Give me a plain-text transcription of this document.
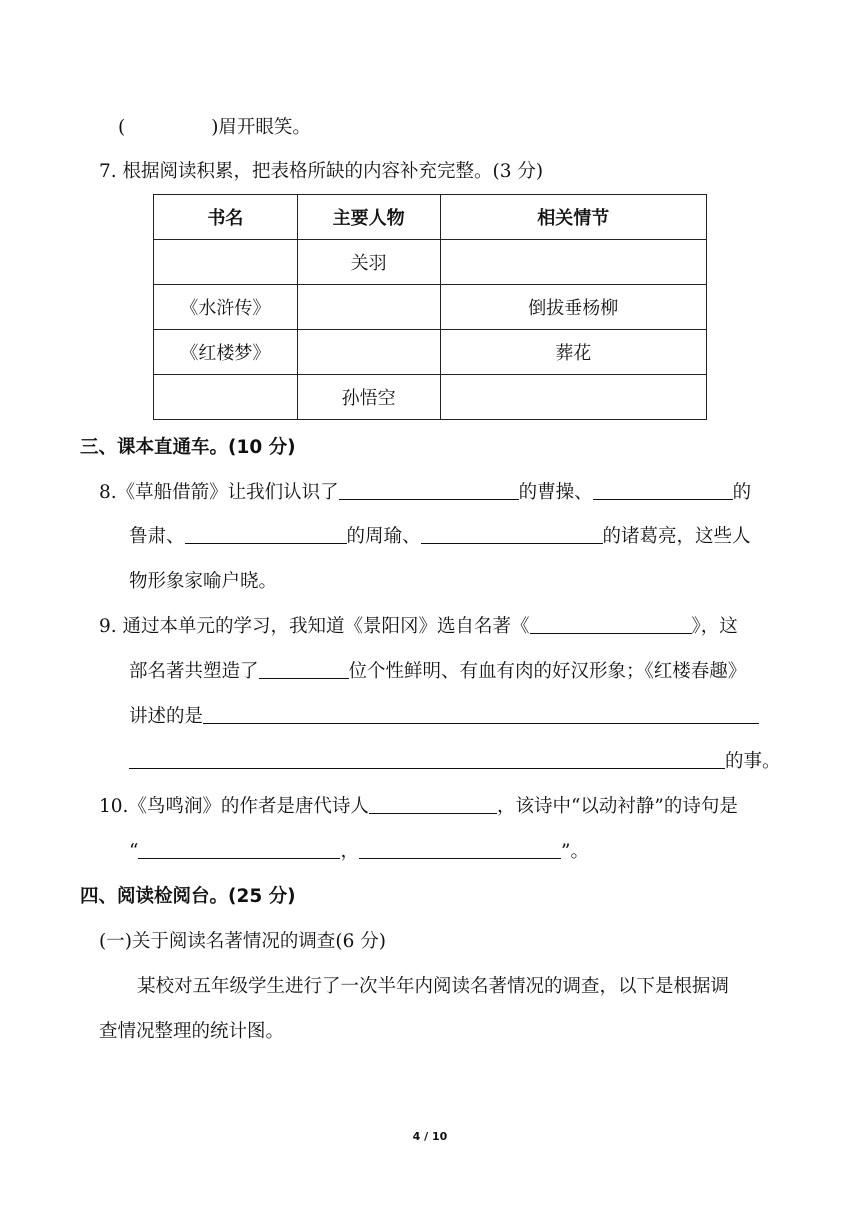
(	)眉开眼笑。
7. 根据阅读积累，把表格所缺的内容补充完整。(3 分)
书名	主要人物	相关情节
	关羽	
《水浒传》		倒拔垂杨柳
《红楼梦》		葬花
	孙悟空	
三、课本直通车。(10 分)
8.《草船借箭》让我们认识了	的曹操、	的
鲁肃、	的周瑜、	的诸葛亮，这些人
物形象家喻户晓。
9. 通过本单元的学习，我知道《景阳冈》选自名著《	》，这
部名著共塑造了	位个性鲜明、有血有肉的好汉形象；《红楼春趣》
讲述的是
的事。
10.《鸟鸣涧》的作者是唐代诗人	，该诗中“以动衬静”的诗句是
“	，	”。
四、阅读检阅台。(25 分)
(一)关于阅读名著情况的调查(6 分)
某校对五年级学生进行了一次半年内阅读名著情况的调查，以下是根据调
查情况整理的统计图。
4 / 10
